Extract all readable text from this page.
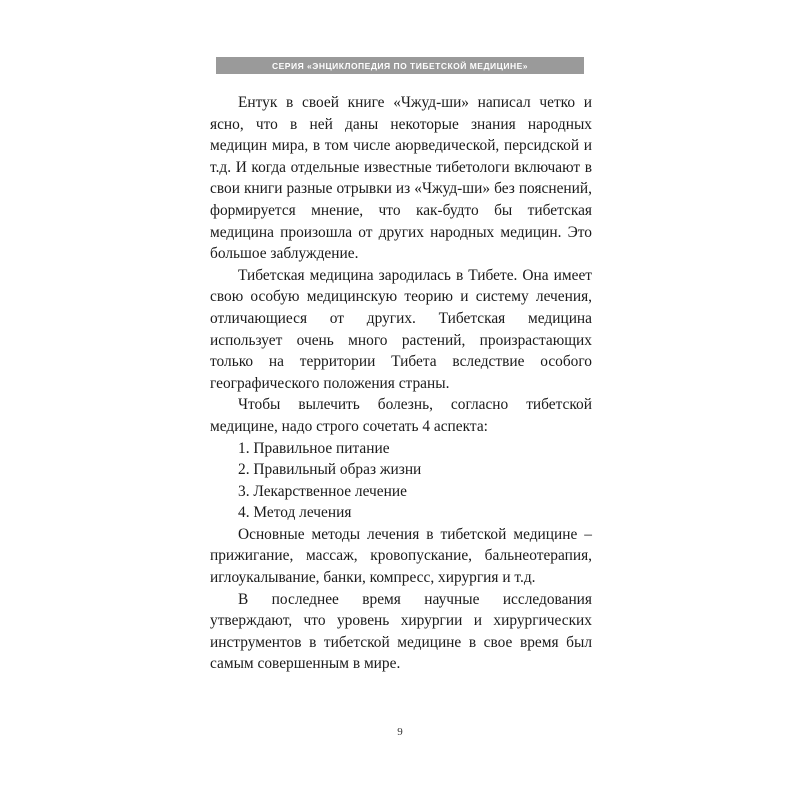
СЕРИЯ «ЭНЦИКЛОПЕДИЯ ПО ТИБЕТСКОЙ МЕДИЦИНЕ»

Ентук в своей книге «Чжуд-ши» написал четко и ясно, что в ней даны некоторые знания народных медицин мира, в том числе аюрведической, персидской и т.д. И когда отдельные известные тибетологи включают в свои книги разные отрывки из «Чжуд-ши» без пояснений, формируется мнение, что как-будто бы тибетская медицина произошла от других народных медицин. Это большое заблуждение.

Тибетская медицина зародилась в Тибете. Она имеет свою особую медицинскую теорию и систему лечения, отличающиеся от других. Тибетская медицина использует очень много растений, произрастающих только на территории Тибета вследствие особого географического положения страны.

Чтобы вылечить болезнь, согласно тибетской медицине, надо строго сочетать 4 аспекта:

1. Правильное питание
2. Правильный образ жизни
3. Лекарственное лечение
4. Метод лечения

Основные методы лечения в тибетской медицине – прижигание, массаж, кровопускание, бальнеотерапия, иглоукалывание, банки, компресс, хирургия и т.д.

В последнее время научные исследования утверждают, что уровень хирургии и хирургических инструментов в тибетской медицине в свое время был самым совершенным в мире.

9
